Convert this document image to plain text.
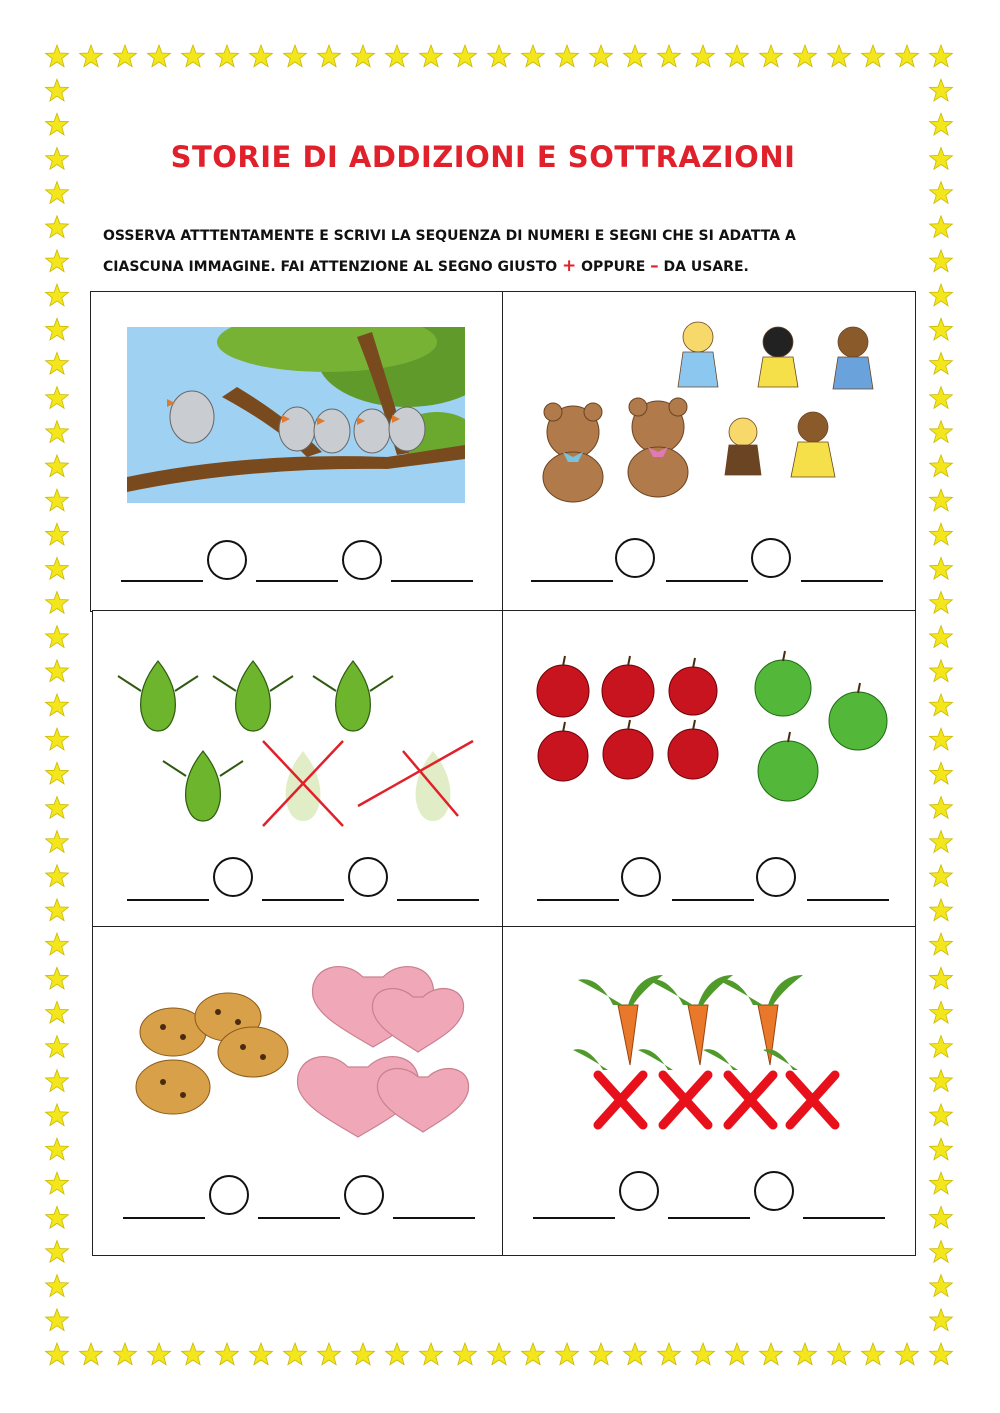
STORIE DI ADDIZIONI E SOTTRAZIONI
OSSERVA ATTTENTAMENTE E SCRIVI LA SEQUENZA DI NUMERI E SEGNI CHE SI ADATTA A
CIASCUNA IMMAGINE. FAI ATTENZIONE AL SEGNO GIUSTO + OPPURE – DA USARE.
